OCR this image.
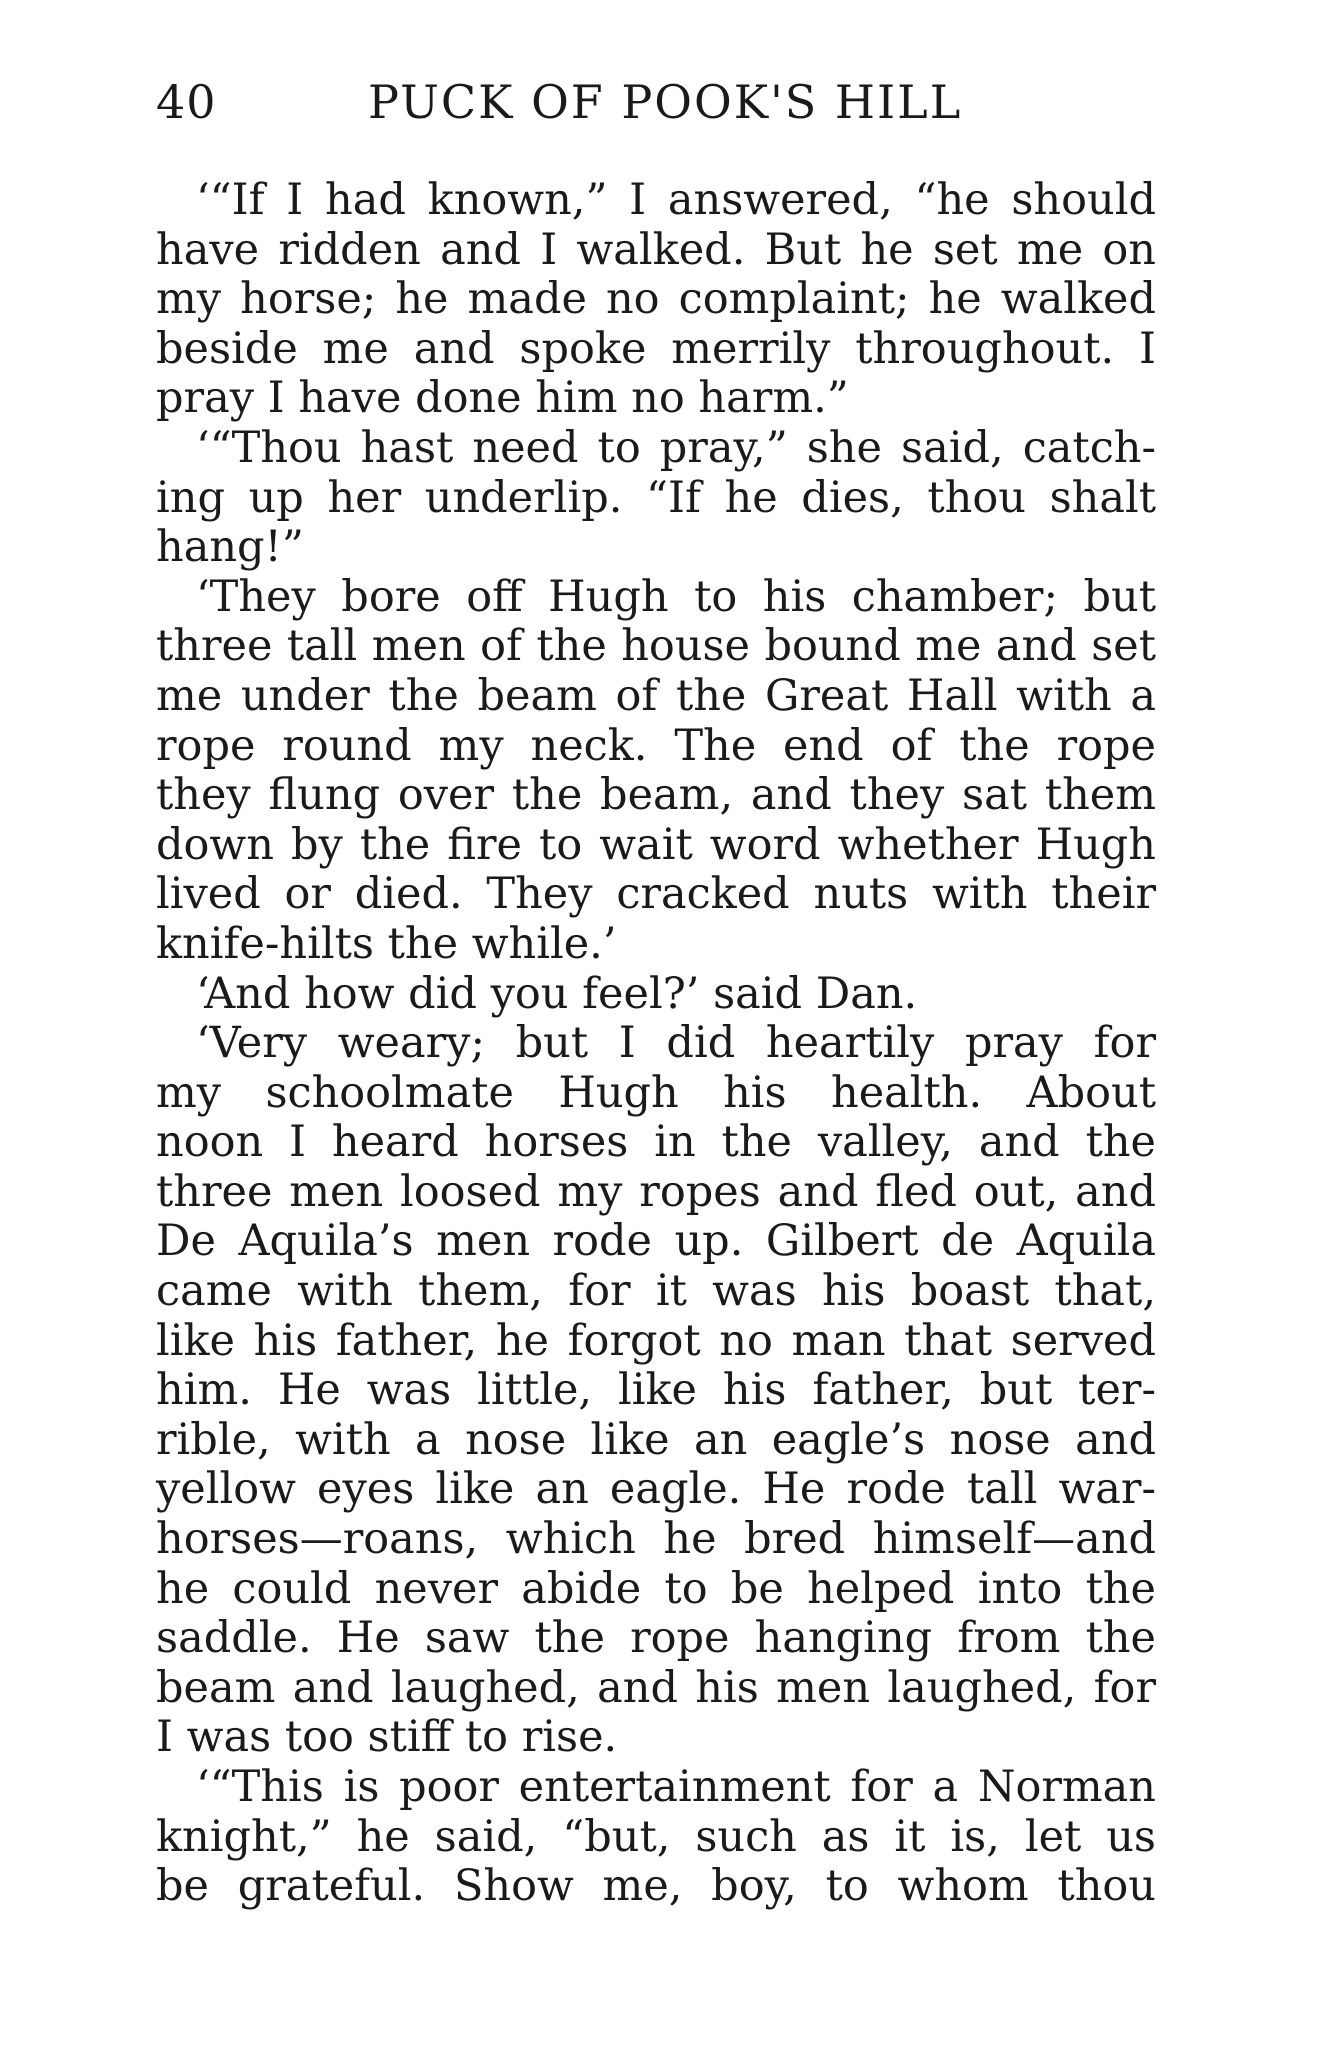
40	PUCK OF POOK'S HILL
‘“If I had known,” I answered, “he should
have ridden and I walked. But he set me on
my horse; he made no complaint; he walked
beside me and spoke merrily throughout. I
pray I have done him no harm.”
‘“Thou hast need to pray,” she said, catch-
ing up her underlip. “If he dies, thou shalt
hang!”
‘They bore off Hugh to his chamber; but
three tall men of the house bound me and set
me under the beam of the Great Hall with a
rope round my neck. The end of the rope
they flung over the beam, and they sat them
down by the fire to wait word whether Hugh
lived or died. They cracked nuts with their
knife-hilts the while.’
‘And how did you feel?’ said Dan.
‘Very weary; but I did heartily pray for
my schoolmate Hugh his health. About
noon I heard horses in the valley, and the
three men loosed my ropes and fled out, and
De Aquila’s men rode up. Gilbert de Aquila
came with them, for it was his boast that,
like his father, he forgot no man that served
him. He was little, like his father, but ter-
rible, with a nose like an eagle’s nose and
yellow eyes like an eagle. He rode tall war-
horses—roans, which he bred himself—and
he could never abide to be helped into the
saddle. He saw the rope hanging from the
beam and laughed, and his men laughed, for
I was too stiff to rise.
‘“This is poor entertainment for a Norman
knight,” he said, “but, such as it is, let us
be grateful. Show me, boy, to whom thou
